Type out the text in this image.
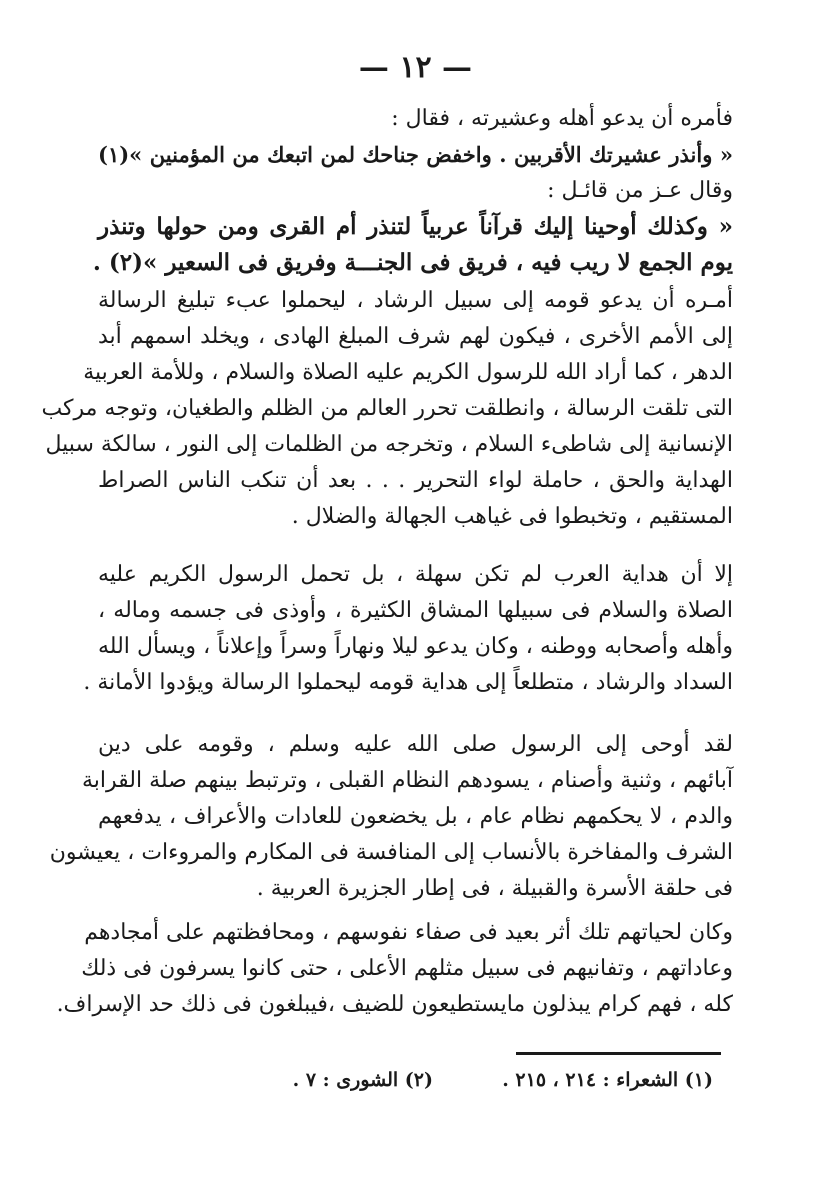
— ١٢ —
فأمره أن يدعو أهله وعشيرته ، فقال :
« وأنذر عشيرتك الأقربين . واخفض جناحك لمن اتبعك من المؤمنين »(١)
وقال عـز من قائـل :
« وكذلك أوحينا إليك قرآناً عربياً لتنذر أم القرى ومن حولها وتنذر
يوم الجمع لا ريب فيه ، فريق فى الجنـــة وفريق فى السعير »(٢) .
أمـره أن يدعو قومه إلى سبيل الرشاد ، ليحملوا عبء تبليغ الرسالة
إلى الأمم الأخرى ، فيكون لهم شرف المبلغ الهادى ، ويخلد اسمهم أبد
الدهر ، كما أراد الله للرسول الكريم عليه الصلاة والسلام ، وللأمة العربية
التى تلقت الرسالة ، وانطلقت تحرر العالم من الظلم والطغيان، وتوجه مركب
الإنسانية إلى شاطىء السلام ، وتخرجه من الظلمات إلى النور ، سالكة سبيل
الهداية والحق ، حاملة لواء التحرير . . . بعد أن تنكب الناس الصراط
المستقيم ، وتخبطوا فى غياهب الجهالة والضلال .
إلا أن هداية العرب لم تكن سهلة ، بل تحمل الرسول الكريم عليه
الصلاة والسلام فى سبيلها المشاق الكثيرة ، وأوذى فى جسمه وماله ،
وأهله وأصحابه ووطنه ، وكان يدعو ليلا ونهاراً وسراً وإعلاناً ، ويسأل الله
السداد والرشاد ، متطلعاً إلى هداية قومه ليحملوا الرسالة ويؤدوا الأمانة .
لقد أوحى إلى الرسول صلى الله عليه وسلم ، وقومه على دين
آبائهم ، وثنية وأصنام ، يسودهم النظام القبلى ، وترتبط بينهم صلة القرابة
والدم ، لا يحكمهم نظام عام ، بل يخضعون للعادات والأعراف ، يدفعهم
الشرف والمفاخرة بالأنساب إلى المنافسة فى المكارم والمروءات ، يعيشون
فى حلقة الأسرة والقبيلة ، فى إطار الجزيرة العربية .
وكان لحياتهم تلك أثر بعيد فى صفاء نفوسهم ، ومحافظتهم على أمجادهم
وعاداتهم ، وتفانيهم فى سبيل مثلهم الأعلى ، حتى كانوا يسرفون فى ذلك
كله ، فهم كرام يبذلون مايستطيعون للضيف ،فيبلغون فى ذلك حد الإسراف.
(١) الشعراء : ٢١٤ ، ٢١٥ .
(٢) الشورى : ٧ .
